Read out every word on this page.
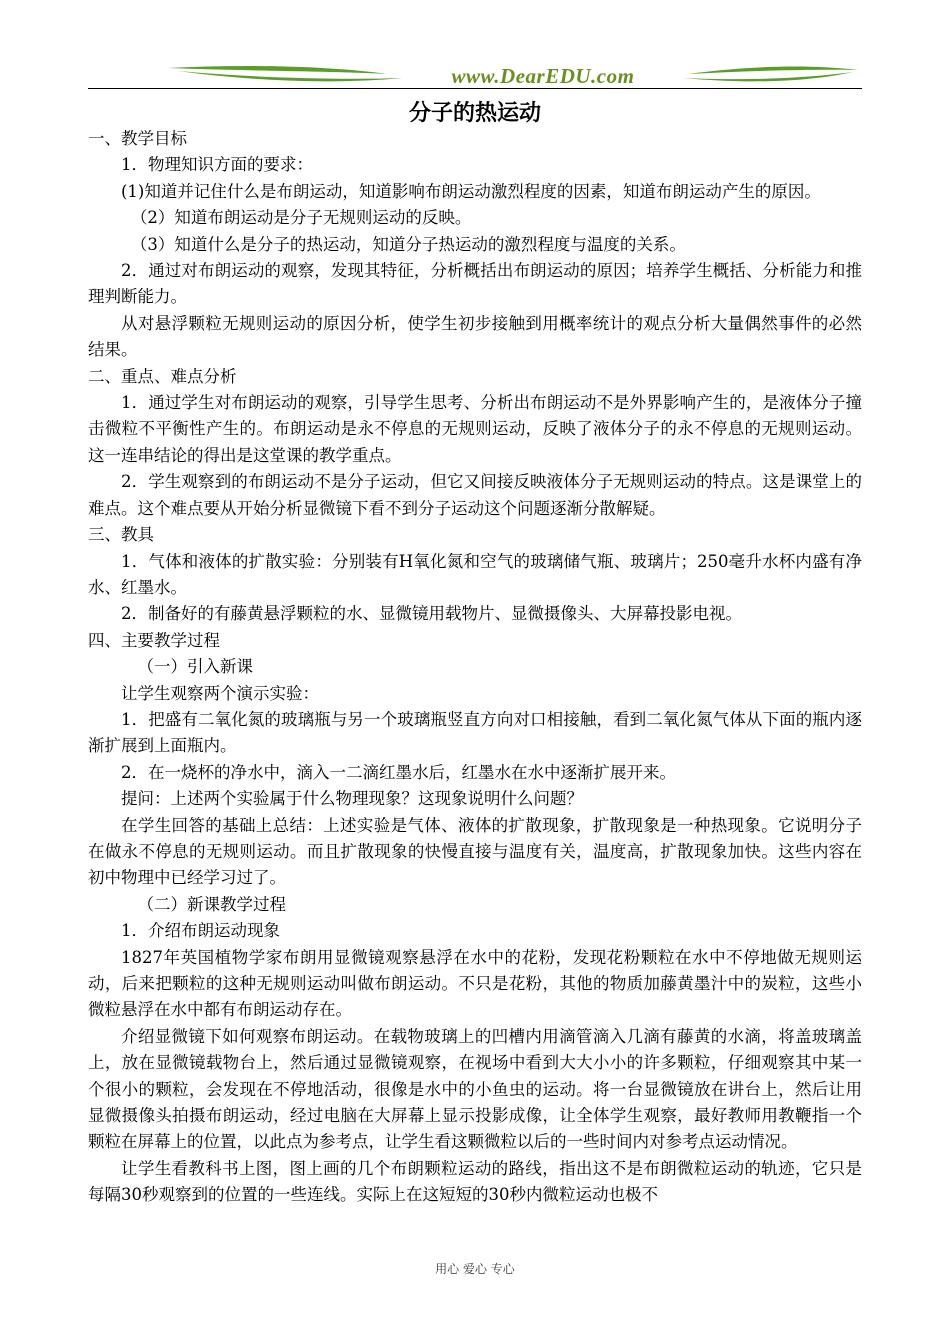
www.DearEDU.com
分子的热运动

一、教学目标

1．物理知识方面的要求：

(1)知道并记住什么是布朗运动，知道影响布朗运动激烈程度的因素，知道布朗运动产生的原因。

（2）知道布朗运动是分子无规则运动的反映。

（3）知道什么是分子的热运动，知道分子热运动的激烈程度与温度的关系。

2．通过对布朗运动的观察，发现其特征，分析概括出布朗运动的原因；培养学生概括、分析能力和推理判断能力。

从对悬浮颗粒无规则运动的原因分析，使学生初步接触到用概率统计的观点分析大量偶然事件的必然结果。

二、重点、难点分析

1．通过学生对布朗运动的观察，引导学生思考、分析出布朗运动不是外界影响产生的，是液体分子撞击微粒不平衡性产生的。布朗运动是永不停息的无规则运动，反映了液体分子的永不停息的无规则运动。这一连串结论的得出是这堂课的教学重点。

2．学生观察到的布朗运动不是分子运动，但它又间接反映液体分子无规则运动的特点。这是课堂上的难点。这个难点要从开始分析显微镜下看不到分子运动这个问题逐渐分散解疑。

三、教具

1．气体和液体的扩散实验：分别装有H氧化氮和空气的玻璃储气瓶、玻璃片；250毫升水杯内盛有净水、红墨水。

2．制备好的有藤黄悬浮颗粒的水、显微镜用载物片、显微摄像头、大屏幕投影电视。

四、主要教学过程

（一）引入新课

让学生观察两个演示实验：

1．把盛有二氧化氮的玻璃瓶与另一个玻璃瓶竖直方向对口相接触，看到二氧化氮气体从下面的瓶内逐渐扩展到上面瓶内。

2．在一烧杯的净水中，滴入一二滴红墨水后，红墨水在水中逐渐扩展开来。

提问：上述两个实验属于什么物理现象？这现象说明什么问题？

在学生回答的基础上总结：上述实验是气体、液体的扩散现象，扩散现象是一种热现象。它说明分子在做永不停息的无规则运动。而且扩散现象的快慢直接与温度有关，温度高，扩散现象加快。这些内容在初中物理中已经学习过了。

（二）新课教学过程

1．介绍布朗运动现象

1827年英国植物学家布朗用显微镜观察悬浮在水中的花粉，发现花粉颗粒在水中不停地做无规则运动，后来把颗粒的这种无规则运动叫做布朗运动。不只是花粉，其他的物质加藤黄墨汁中的炭粒，这些小微粒悬浮在水中都有布朗运动存在。

介绍显微镜下如何观察布朗运动。在载物玻璃上的凹槽内用滴管滴入几滴有藤黄的水滴，将盖玻璃盖上，放在显微镜载物台上，然后通过显微镜观察，在视场中看到大大小小的许多颗粒，仔细观察其中某一个很小的颗粒，会发现在不停地活动，很像是水中的小鱼虫的运动。将一台显微镜放在讲台上，然后让用显微摄像头拍摄布朗运动，经过电脑在大屏幕上显示投影成像，让全体学生观察，最好教师用教鞭指一个颗粒在屏幕上的位置，以此点为参考点，让学生看这颗微粒以后的一些时间内对参考点运动情况。

让学生看教科书上图，图上画的几个布朗颗粒运动的路线，指出这不是布朗微粒运动的轨迹，它只是每隔30秒观察到的位置的一些连线。实际上在这短短的30秒内微粒运动也极不

用心 爱心 专心
